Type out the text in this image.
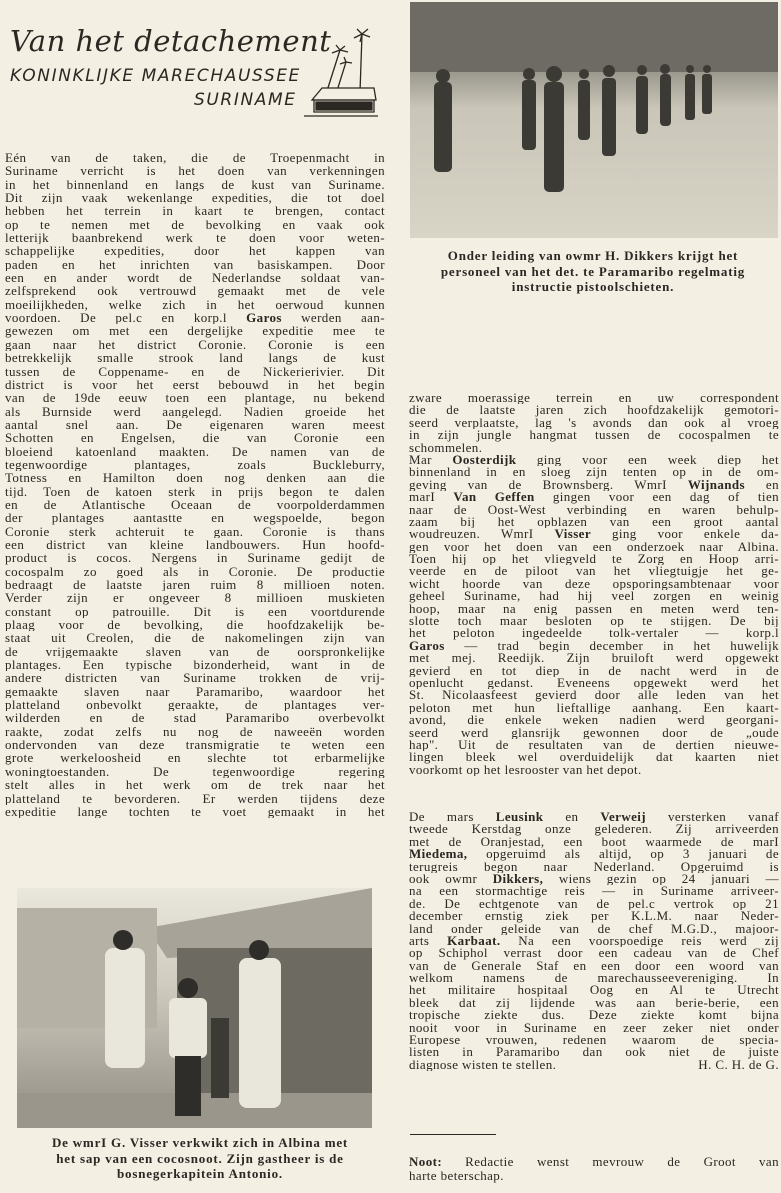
Van het detachement
KONINKLIJKE MARECHAUSSEE
SURINAME
Onder leiding van owmr H. Dikkers krijgt het
personeel van het det. te Paramaribo regelmatig
instructie pistoolschieten.
Eén van de taken, die de Troepenmacht in
Suriname verricht is het doen van verkenningen
in het binnenland en langs de kust van Suriname.
Dit zijn vaak wekenlange expedities, die tot doel
hebben het terrein in kaart te brengen, contact
op te nemen met de bevolking en vaak ook
letterijk baanbrekend werk te doen voor weten-
schappelijke expedities, door het kappen van
paden en het inrichten van basiskampen. Door
een en ander wordt de Nederlandse soldaat van-
zelfsprekend ook vertrouwd gemaakt met de vele
moeilijkheden, welke zich in het oerwoud kunnen
voordoen. De pel.c en korp.l Garos werden aan-
gewezen om met een dergelijke expeditie mee te
gaan naar het district Coronie. Coronie is een
betrekkelijk smalle strook land langs de kust
tussen de Coppename- en de Nickerierivier. Dit
district is voor het eerst bebouwd in het begin
van de 19de eeuw toen een plantage, nu bekend
als Burnside werd aangelegd. Nadien groeide het
aantal snel aan. De eigenaren waren meest
Schotten en Engelsen, die van Coronie een
bloeiend katoenland maakten. De namen van de
tegenwoordige plantages, zoals Buckleburry,
Totness en Hamilton doen nog denken aan die
tijd. Toen de katoen sterk in prijs begon te dalen
en de Atlantische Oceaan de voorpolderdammen
der plantages aantastte en wegspoelde, begon
Coronie sterk achteruit te gaan. Coronie is thans
een district van kleine landbouwers. Hun hoofd-
product is cocos. Nergens in Suriname gedijt de
cocospalm zo goed als in Coronie. De productie
bedraagt de laatste jaren ruim 8 millioen noten.
Verder zijn er ongeveer 8 millioen muskieten
constant op patrouille. Dit is een voortdurende
plaag voor de bevolking, die hoofdzakelijk be-
staat uit Creolen, die de nakomelingen zijn van
de vrijgemaakte slaven van de oorspronkelijke
plantages. Een typische bizonderheid, want in de
andere districten van Suriname trokken de vrij-
gemaakte slaven naar Paramaribo, waardoor het
platteland onbevolkt geraakte, de plantages ver-
wilderden en de stad Paramaribo overbevolkt
raakte, zodat zelfs nu nog de naweeën worden
ondervonden van deze transmigratie te weten een
grote werkeloosheid en slechte tot erbarmelijke
woningtoestanden. De tegenwoordige regering
stelt alles in het werk om de trek naar het
platteland te bevorderen. Er werden tijdens deze
expeditie lange tochten te voet gemaakt in het
zware moerassige terrein en uw correspondent
die de laatste jaren zich hoofdzakelijk gemotori-
seerd verplaatste, lag 's avonds dan ook al vroeg
in zijn jungle hangmat tussen de cocospalmen te
schommelen.
Mar Oosterdijk ging voor een week diep het
binnenland in en sloeg zijn tenten op in de om-
geving van de Brownsberg. WmrI Wijnands en
marI Van Geffen gingen voor een dag of tien
naar de Oost-West verbinding en waren behulp-
zaam bij het opblazen van een groot aantal
woudreuzen. WmrI Visser ging voor enkele da-
gen voor het doen van een onderzoek naar Albina.
Toen hij op het vliegveld te Zorg en Hoop arri-
veerde en de piloot van het vliegtuigje het ge-
wicht hoorde van deze opsporingsambtenaar voor
geheel Suriname, had hij veel zorgen en weinig
hoop, maar na enig passen en meten werd ten-
slotte toch maar besloten op te stijgen. De bij
het peloton ingedeelde tolk-vertaler — korp.l
Garos — trad begin december in het huwelijk
met mej. Reedijk. Zijn bruiloft werd opgewekt
gevierd en tot diep in de nacht werd in de
openlucht gedanst. Eveneens opgewekt werd het
St. Nicolaasfeest gevierd door alle leden van het
peloton met hun lieftallige aanhang. Een kaart-
avond, die enkele weken nadien werd georgani-
seerd werd glansrijk gewonnen door de „oude
hap". Uit de resultaten van de dertien nieuwe-
lingen bleek wel overduidelijk dat kaarten niet
voorkomt op het lesrooster van het depot.
De mars Leusink en Verweij versterken vanaf
tweede Kerstdag onze gelederen. Zij arriveerden
met de Oranjestad, een boot waarmede de marI
Miedema, opgeruimd als altijd, op 3 januari de
terugreis begon naar Nederland. Opgeruimd is
ook owmr Dikkers, wiens gezin op 24 januari —
na een stormachtige reis — in Suriname arriveer-
de. De echtgenote van de pel.c vertrok op 21
december ernstig ziek per K.L.M. naar Neder-
land onder geleide van de chef M.G.D., majoor-
arts Karbaat. Na een voorspoedige reis werd zij
op Schiphol verrast door een cadeau van de Chef
van de Generale Staf en een door een woord van
welkom namens de marechausseevereniging. In
het militaire hospitaal Oog en Al te Utrecht
bleek dat zij lijdende was aan berie-berie, een
tropische ziekte dus. Deze ziekte komt bijna
nooit voor in Suriname en zeer zeker niet onder
Europese vrouwen, redenen waarom de specia-
listen in Paramaribo dan ook niet de juiste
diagnose wisten te stellen.	H. C. H. de G.
De wmrI G. Visser verkwikt zich in Albina met
het sap van een cocosnoot. Zijn gastheer is de
bosnegerkapitein Antonio.
Noot: Redactie wenst mevrouw de Groot van
harte beterschap.
